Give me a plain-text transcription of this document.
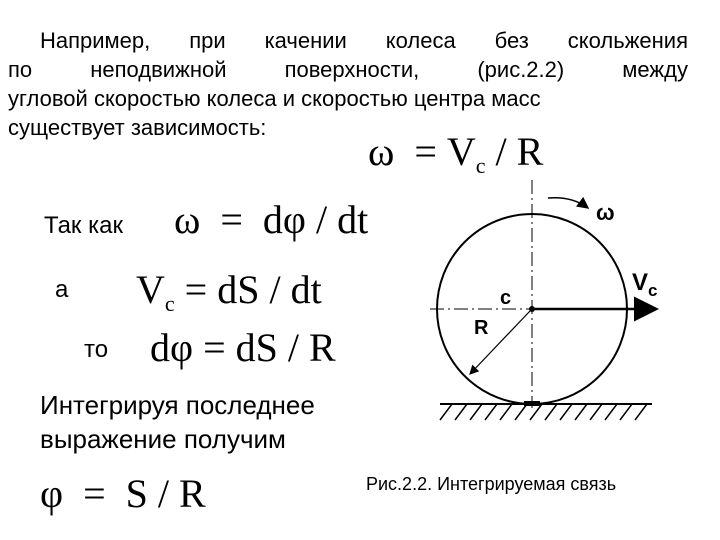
Например, при качении колеса без скольжения
по	неподвижной	поверхности,	(рис.2.2)	между
угловой скоростью колеса и скоростью центра масс
существует зависимость:
$\omega = V_c / R$
Так как ω  =  dφ / dt
а $V_c$ = dS / dt
то dφ = dS / R
Интегрируя последнее
выражение получим
φ  =  S / R
ω
c
R
$V_c$
Рис.2.2. Интегрируемая связь
